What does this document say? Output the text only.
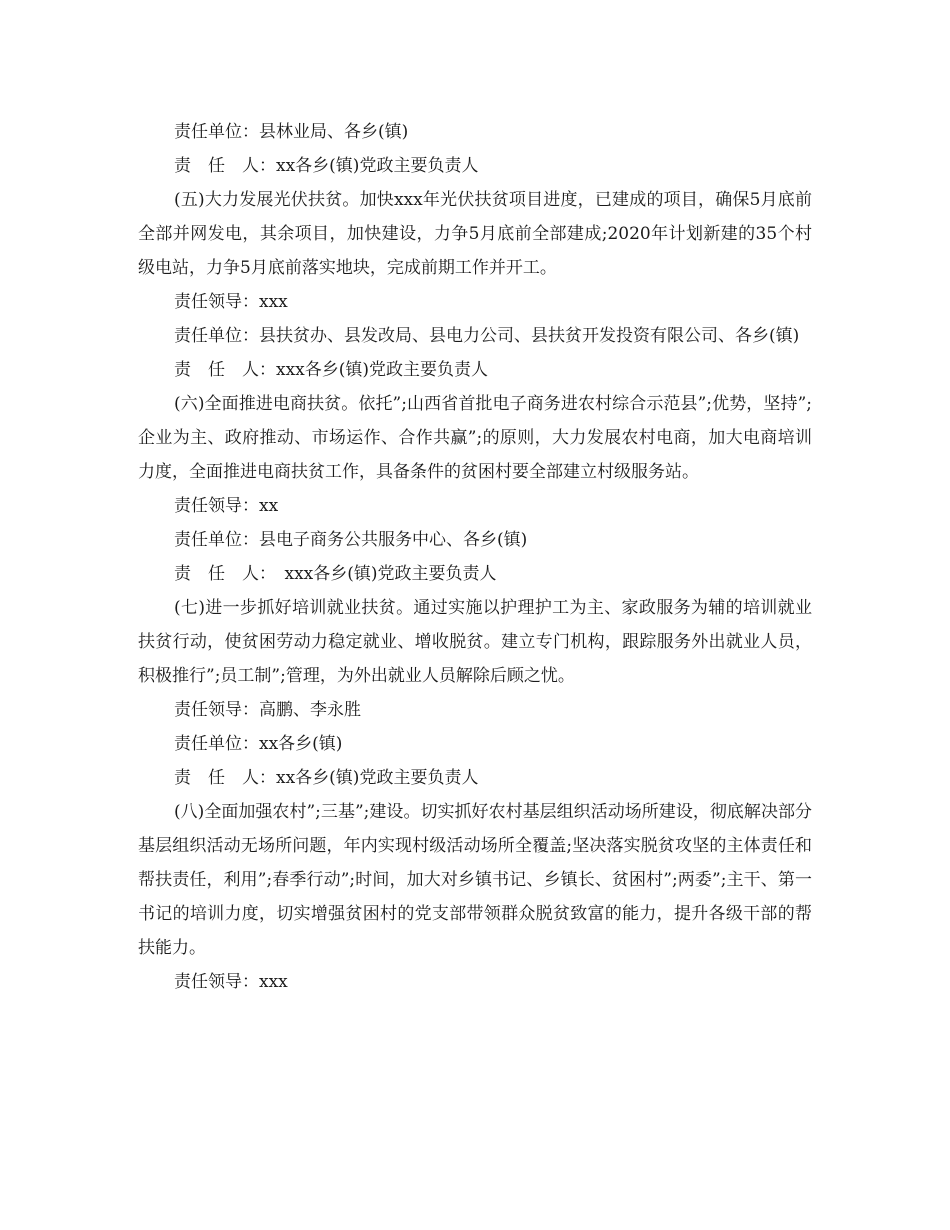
责任单位：县林业局、各乡(镇)

责　任　人：xx各乡(镇)党政主要负责人

(五)大力发展光伏扶贫。加快xxx年光伏扶贫项目进度，已建成的项目，确保5月底前全部并网发电，其余项目，加快建设，力争5月底前全部建成;2020年计划新建的35个村级电站，力争5月底前落实地块，完成前期工作并开工。

责任领导：xxx

责任单位：县扶贫办、县发改局、县电力公司、县扶贫开发投资有限公司、各乡(镇)

责　任　人：xxx各乡(镇)党政主要负责人

(六)全面推进电商扶贫。依托”;山西省首批电子商务进农村综合示范县”;优势，坚持”;企业为主、政府推动、市场运作、合作共赢”;的原则，大力发展农村电商，加大电商培训力度，全面推进电商扶贫工作，具备条件的贫困村要全部建立村级服务站。

责任领导：xx

责任单位：县电子商务公共服务中心、各乡(镇)

责　任　人：　xxx各乡(镇)党政主要负责人

(七)进一步抓好培训就业扶贫。通过实施以护理护工为主、家政服务为辅的培训就业扶贫行动，使贫困劳动力稳定就业、增收脱贫。建立专门机构，跟踪服务外出就业人员，积极推行”;员工制”;管理，为外出就业人员解除后顾之忧。

责任领导：高鹏、李永胜

责任单位：xx各乡(镇)

责　任　人：xx各乡(镇)党政主要负责人

(八)全面加强农村”;三基”;建设。切实抓好农村基层组织活动场所建设，彻底解决部分基层组织活动无场所问题，年内实现村级活动场所全覆盖;坚决落实脱贫攻坚的主体责任和帮扶责任，利用”;春季行动”;时间，加大对乡镇书记、乡镇长、贫困村”;两委”;主干、第一书记的培训力度，切实增强贫困村的党支部带领群众脱贫致富的能力，提升各级干部的帮扶能力。

责任领导：xxx
